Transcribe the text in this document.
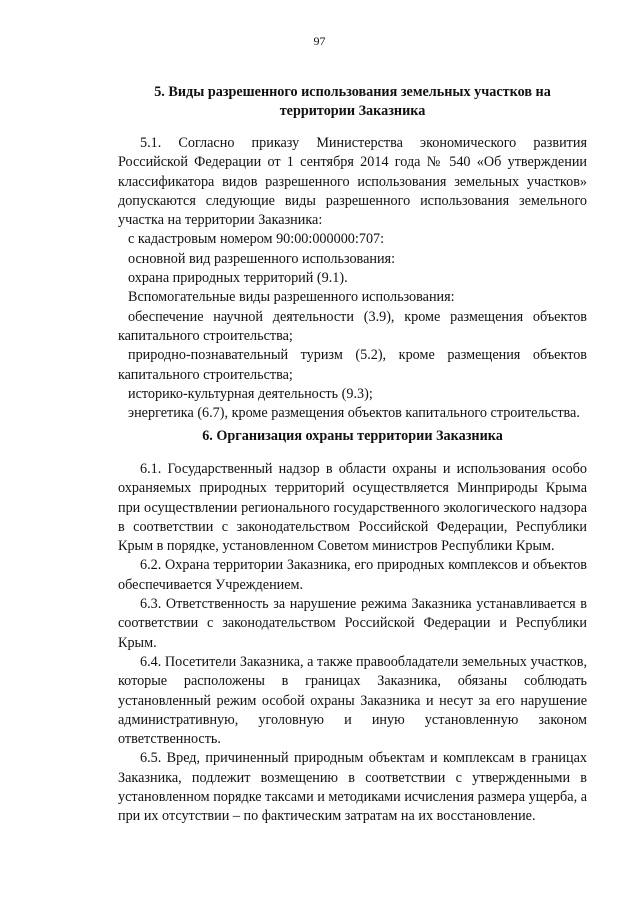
97
5. Виды разрешенного использования земельных участков на
территории Заказника

5.1. Согласно приказу Министерства экономического развития Российской Федерации от 1 сентября 2014 года № 540 «Об утверждении классификатора видов разрешенного использования земельных участков» допускаются следующие виды разрешенного использования земельного участка на территории Заказника:

с кадастровым номером 90:00:000000:707:

основной вид разрешенного использования:

охрана природных территорий (9.1).

Вспомогательные виды разрешенного использования:

обеспечение научной деятельности (3.9), кроме размещения объектов капитального строительства;

природно-познавательный туризм (5.2), кроме размещения объектов капитального строительства;

историко-культурная деятельность (9.3);

энергетика (6.7), кроме размещения объектов капитального строительства.

6. Организация охраны территории Заказника

6.1. Государственный надзор в области охраны и использования особо охраняемых природных территорий осуществляется Минприроды Крыма при осуществлении регионального государственного экологического надзора в соответствии с законодательством Российской Федерации, Республики Крым в порядке, установленном Советом министров Республики Крым.

6.2. Охрана территории Заказника, его природных комплексов и объектов обеспечивается Учреждением.

6.3. Ответственность за нарушение режима Заказника устанавливается в соответствии с законодательством Российской Федерации и Республики Крым.

6.4. Посетители Заказника, а также правообладатели земельных участков, которые расположены в границах Заказника, обязаны соблюдать установленный режим особой охраны Заказника и несут за его нарушение административную, уголовную и иную установленную законом ответственность.

6.5. Вред, причиненный природным объектам и комплексам в границах Заказника, подлежит возмещению в соответствии с утвержденными в установленном порядке таксами и методиками исчисления размера ущерба, а при их отсутствии – по фактическим затратам на их восстановление.
